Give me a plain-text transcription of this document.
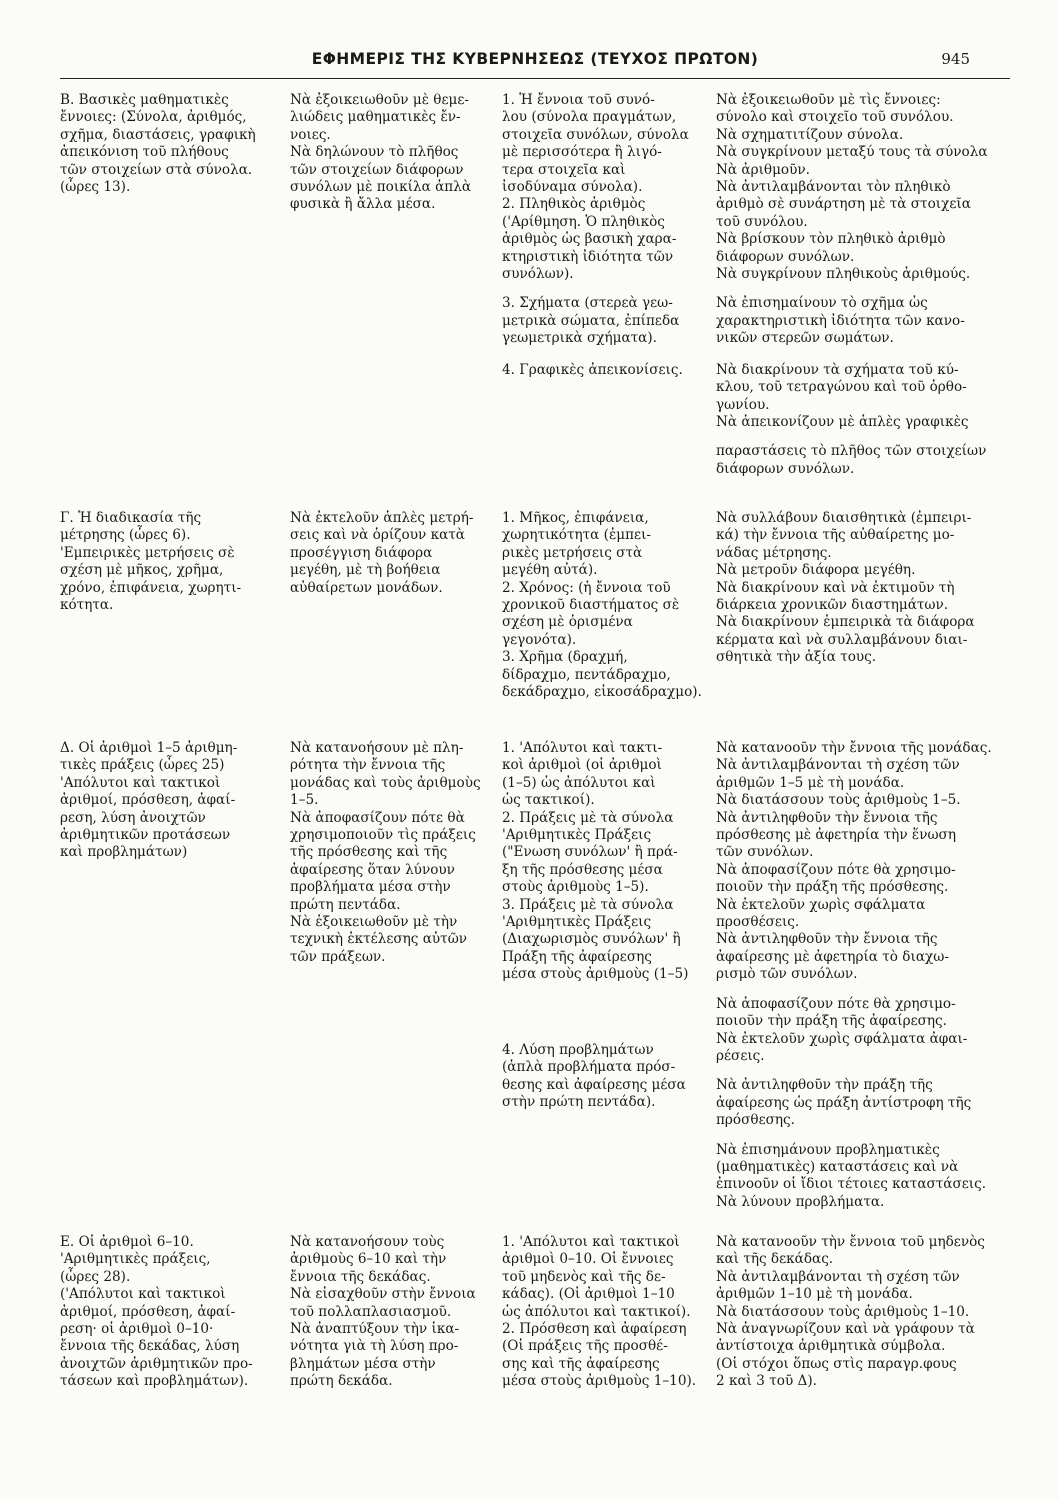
ΕΦΗΜΕΡΙΣ ΤΗΣ ΚΥΒΕΡΝΗΣΕΩΣ (ΤΕΥΧΟΣ ΠΡΩΤΟΝ)	945

Β. Βασικὲς μαθηματικὲς
ἔννοιες: (Σύνολα, ἀριθμός,
σχῆμα, διαστάσεις, γραφικὴ
ἀπεικόνιση τοῦ πλήθους
τῶν στοιχείων στὰ σύνολα.
(ὧρες 13).

Νὰ ἐξοικειωθοῦν μὲ θεμε-
λιώδεις μαθηματικὲς ἔν-
νοιες.
Νὰ δηλώνουν τὸ πλῆθος
τῶν στοιχείων διάφορων
συνόλων μὲ ποικίλα ἁπλὰ
φυσικὰ ἢ ἄλλα μέσα.

1. Ἡ ἔννοια τοῦ συνό-
λου (σύνολα πραγμάτων,
στοιχεῖα συνόλων, σύνολα
μὲ περισσότερα ἢ λιγό-
τερα στοιχεῖα καὶ
ἰσοδύναμα σύνολα).
2. Πληθικὸς ἀριθμὸς
('Αρίθμηση. Ὁ πληθικὸς
ἀριθμὸς ὡς βασικὴ χαρα-
κτηριστικὴ ἰδιότητα τῶν
συνόλων).

3. Σχήματα (στερεὰ γεω-
μετρικὰ σώματα, ἐπίπεδα
γεωμετρικὰ σχήματα).

4. Γραφικὲς ἀπεικονίσεις.

Νὰ ἐξοικειωθοῦν μὲ τὶς ἔννοιες:
σύνολο καὶ στοιχεῖο τοῦ συνόλου.
Νὰ σχηματιτίζουν σύνολα.
Νὰ συγκρίνουν μεταξύ τους τὰ σύνολα
Νὰ ἀριθμοῦν.
Νὰ ἀντιλαμβάνονται τὸν πληθικὸ
ἀριθμὸ σὲ συνάρτηση μὲ τὰ στοιχεῖα
τοῦ συνόλου.
Νὰ βρίσκουν τὸν πληθικὸ ἀριθμὸ
διάφορων συνόλων.
Νὰ συγκρίνουν πληθικοὺς ἀριθμούς.

Νὰ ἐπισημαίνουν τὸ σχῆμα ὡς
χαρακτηριστικὴ ἰδιότητα τῶν κανο-
νικῶν στερεῶν σωμάτων.

Νὰ διακρίνουν τὰ σχήματα τοῦ κύ-
κλου, τοῦ τετραγώνου καὶ τοῦ ὀρθο-
γωνίου.
Νὰ ἀπεικονίζουν μὲ ἁπλὲς γραφικὲς

παραστάσεις τὸ πλῆθος τῶν στοιχείων
διάφορων συνόλων.

Γ. Ἡ διαδικασία τῆς
μέτρησης (ὧρες 6).
'Εμπειρικὲς μετρήσεις σὲ
σχέση μὲ μῆκος, χρῆμα,
χρόνο, ἐπιφάνεια, χωρητι-
κότητα.

Νὰ ἐκτελοῦν ἁπλὲς μετρή-
σεις καὶ νὰ ὁρίζουν κατὰ
προσέγγιση διάφορα
μεγέθη, μὲ τὴ βοήθεια
αὐθαίρετων μονάδων.

1. Μῆκος, ἐπιφάνεια,
χωρητικότητα (ἐμπει-
ρικὲς μετρήσεις στὰ
μεγέθη αὐτά).
2. Χρόνος: (ἡ ἔννοια τοῦ
χρονικοῦ διαστήματος σὲ
σχέση μὲ ὁρισμένα
γεγονότα).
3. Χρῆμα (δραχμή,
δίδραχμο, πεντάδραχμο,
δεκάδραχμο, εἰκοσάδραχμο).

Νὰ συλλάβουν διαισθητικὰ (ἐμπειρι-
κά) τὴν ἔννοια τῆς αὐθαίρετης μο-
νάδας μέτρησης.
Νὰ μετροῦν διάφορα μεγέθη.
Νὰ διακρίνουν καὶ νὰ ἐκτιμοῦν τὴ
διάρκεια χρονικῶν διαστημάτων.
Νὰ διακρίνουν ἐμπειρικὰ τὰ διάφορα
κέρματα καὶ νὰ συλλαμβάνουν διαι-
σθητικὰ τὴν ἀξία τους.

Δ. Οἱ ἀριθμοὶ 1–5 ἀριθμη-
τικὲς πράξεις (ὧρες 25)
'Απόλυτοι καὶ τακτικοὶ
ἀριθμοί, πρόσθεση, ἀφαί-
ρεση, λύση ἀνοιχτῶν
ἀριθμητικῶν προτάσεων
καὶ προβλημάτων)

Νὰ κατανοήσουν μὲ πλη-
ρότητα τὴν ἔννοια τῆς
μονάδας καὶ τοὺς ἀριθμοὺς
1–5.
Νὰ ἀποφασίζουν πότε θὰ
χρησιμοποιοῦν τὶς πράξεις
τῆς πρόσθεσης καὶ τῆς
ἀφαίρεσης ὅταν λύνουν
προβλήματα μέσα στὴν
πρώτη πεντάδα.
Νὰ ἐξοικειωθοῦν μὲ τὴν
τεχνικὴ ἐκτέλεσης αὐτῶν
τῶν πράξεων.

1. 'Απόλυτοι καὶ τακτι-
κοὶ ἀριθμοὶ (οἱ ἀριθμοὶ
(1–5) ὡς ἀπόλυτοι καὶ
ὡς τακτικοί).
2. Πράξεις μὲ τὰ σύνολα
'Αριθμητικὲς Πράξεις
("Ενωση συνόλων' ἢ πρά-
ξη τῆς πρόσθεσης μέσα
στοὺς ἀριθμοὺς 1–5).
3. Πράξεις μὲ τὰ σύνολα
'Αριθμητικὲς Πράξεις
(Διαχωρισμὸς συνόλων' ἢ
Πράξη τῆς ἀφαίρεσης
μέσα στοὺς ἀριθμοὺς (1–5)

4. Λύση προβλημάτων
(ἁπλὰ προβλήματα πρόσ-
θεσης καὶ ἀφαίρεσης μέσα
στὴν πρώτη πεντάδα).

Νὰ κατανοοῦν τὴν ἔννοια τῆς μονάδας.
Νὰ ἀντιλαμβάνονται τὴ σχέση τῶν
ἀριθμῶν 1–5 μὲ τὴ μονάδα.
Νὰ διατάσσουν τοὺς ἀριθμοὺς 1–5.
Νὰ ἀντιληφθοῦν τὴν ἔννοια τῆς
πρόσθεσης μὲ ἀφετηρία τὴν ἕνωση
τῶν συνόλων.
Νὰ ἀποφασίζουν πότε θὰ χρησιμο-
ποιοῦν τὴν πράξη τῆς πρόσθεσης.
Νὰ ἐκτελοῦν χωρὶς σφάλματα
προσθέσεις.
Νὰ ἀντιληφθοῦν τὴν ἔννοια τῆς
ἀφαίρεσης μὲ ἀφετηρία τὸ διαχω-
ρισμὸ τῶν συνόλων.

Νὰ ἀποφασίζουν πότε θὰ χρησιμο-
ποιοῦν τὴν πράξη τῆς ἀφαίρεσης.
Νὰ ἐκτελοῦν χωρὶς σφάλματα ἀφαι-
ρέσεις.

Νὰ ἀντιληφθοῦν τὴν πράξη τῆς
ἀφαίρεσης ὡς πράξη ἀντίστροφη τῆς
πρόσθεσης.

Νὰ ἐπισημάνουν προβληματικὲς
(μαθηματικὲς) καταστάσεις καὶ νὰ
ἐπινοοῦν οἱ ἴδιοι τέτοιες καταστάσεις.
Νὰ λύνουν προβλήματα.

Ε. Οἱ ἀριθμοὶ 6–10.
'Αριθμητικὲς πράξεις,
(ὧρες 28).
('Απόλυτοι καὶ τακτικοὶ
ἀριθμοί, πρόσθεση, ἀφαί-
ρεση· οἱ ἀριθμοὶ 0–10·
ἔννοια τῆς δεκάδας, λύση
ἀνοιχτῶν ἀριθμητικῶν προ-
τάσεων καὶ προβλημάτων).

Νὰ κατανοήσουν τοὺς
ἀριθμοὺς 6–10 καὶ τὴν
ἔννοια τῆς δεκάδας.
Νὰ εἰσαχθοῦν στὴν ἔννοια
τοῦ πολλαπλασιασμοῦ.
Νὰ ἀναπτύξουν τὴν ἱκα-
νότητα γιὰ τὴ λύση προ-
βλημάτων μέσα στὴν
πρώτη δεκάδα.

1. 'Απόλυτοι καὶ τακτικοὶ
ἀριθμοὶ 0–10. Οἱ ἔννοιες
τοῦ μηδενὸς καὶ τῆς δε-
κάδας). (Οἱ ἀριθμοὶ 1–10
ὡς ἀπόλυτοι καὶ τακτικοί).
2. Πρόσθεση καὶ ἀφαίρεση
(Οἱ πράξεις τῆς προσθέ-
σης καὶ τῆς ἀφαίρεσης
μέσα στοὺς ἀριθμοὺς 1–10).

Νὰ κατανοοῦν τὴν ἔννοια τοῦ μηδενὸς
καὶ τῆς δεκάδας.
Νὰ ἀντιλαμβάνονται τὴ σχέση τῶν
ἀριθμῶν 1–10 μὲ τὴ μονάδα.
Νὰ διατάσσουν τοὺς ἀριθμοὺς 1–10.
Νὰ ἀναγνωρίζουν καὶ νὰ γράφουν τὰ
ἀντίστοιχα ἀριθμητικὰ σύμβολα.
(Οἱ στόχοι ὅπως στὶς παραγρ.φους
2 καὶ 3 τοῦ Δ).
